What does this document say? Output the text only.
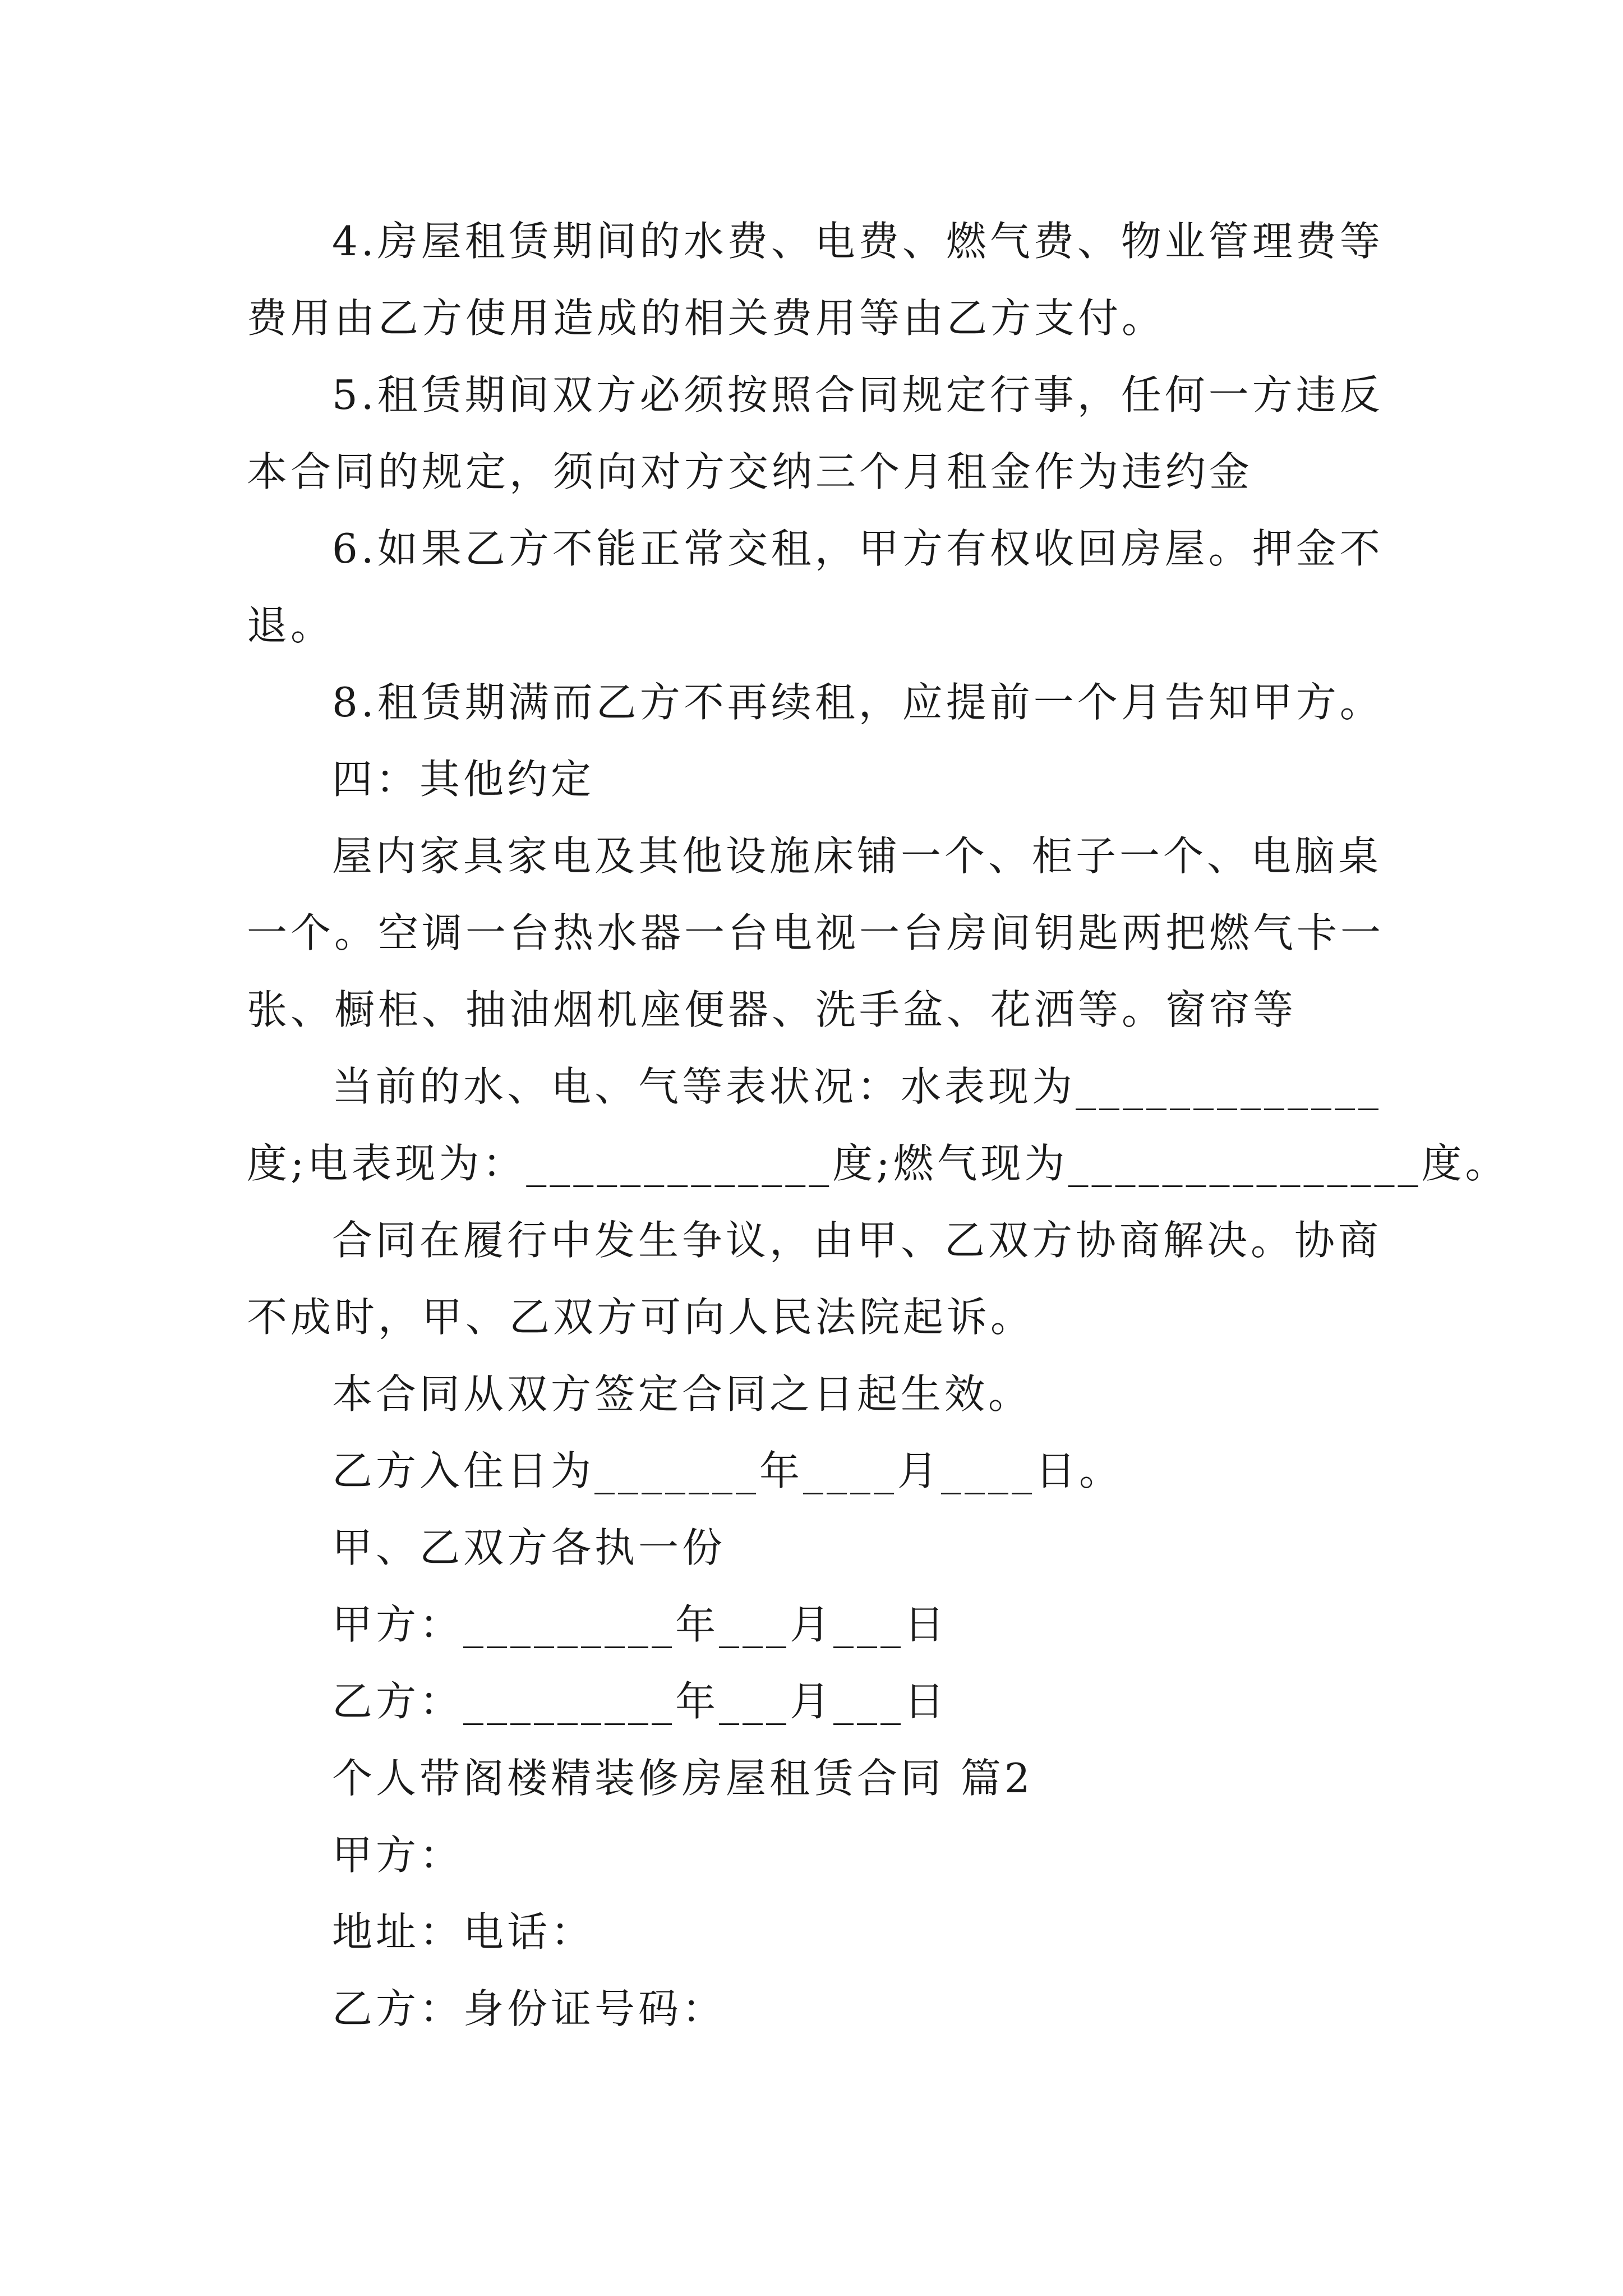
4.房屋租赁期间的水费、电费、燃气费、物业管理费等
费用由乙方使用造成的相关费用等由乙方支付。
5.租赁期间双方必须按照合同规定行事，任何一方违反
本合同的规定，须向对方交纳三个月租金作为违约金
6.如果乙方不能正常交租，甲方有权收回房屋。押金不
退。
8.租赁期满而乙方不再续租，应提前一个月告知甲方。
四：其他约定
屋内家具家电及其他设施床铺一个、柜子一个、电脑桌
一个。空调一台热水器一台电视一台房间钥匙两把燃气卡一
张、橱柜、抽油烟机座便器、洗手盆、花洒等。窗帘等
当前的水、电、气等表状况：水表现为_____________
度;电表现为：_____________度;燃气现为_______________度。
合同在履行中发生争议，由甲、乙双方协商解决。协商
不成时，甲、乙双方可向人民法院起诉。
本合同从双方签定合同之日起生效。
乙方入住日为_______年____月____日。
甲、乙双方各执一份
甲方：_________年___月___日
乙方：_________年___月___日
个人带阁楼精装修房屋租赁合同 篇2
甲方：
地址：电话：
乙方：身份证号码：
